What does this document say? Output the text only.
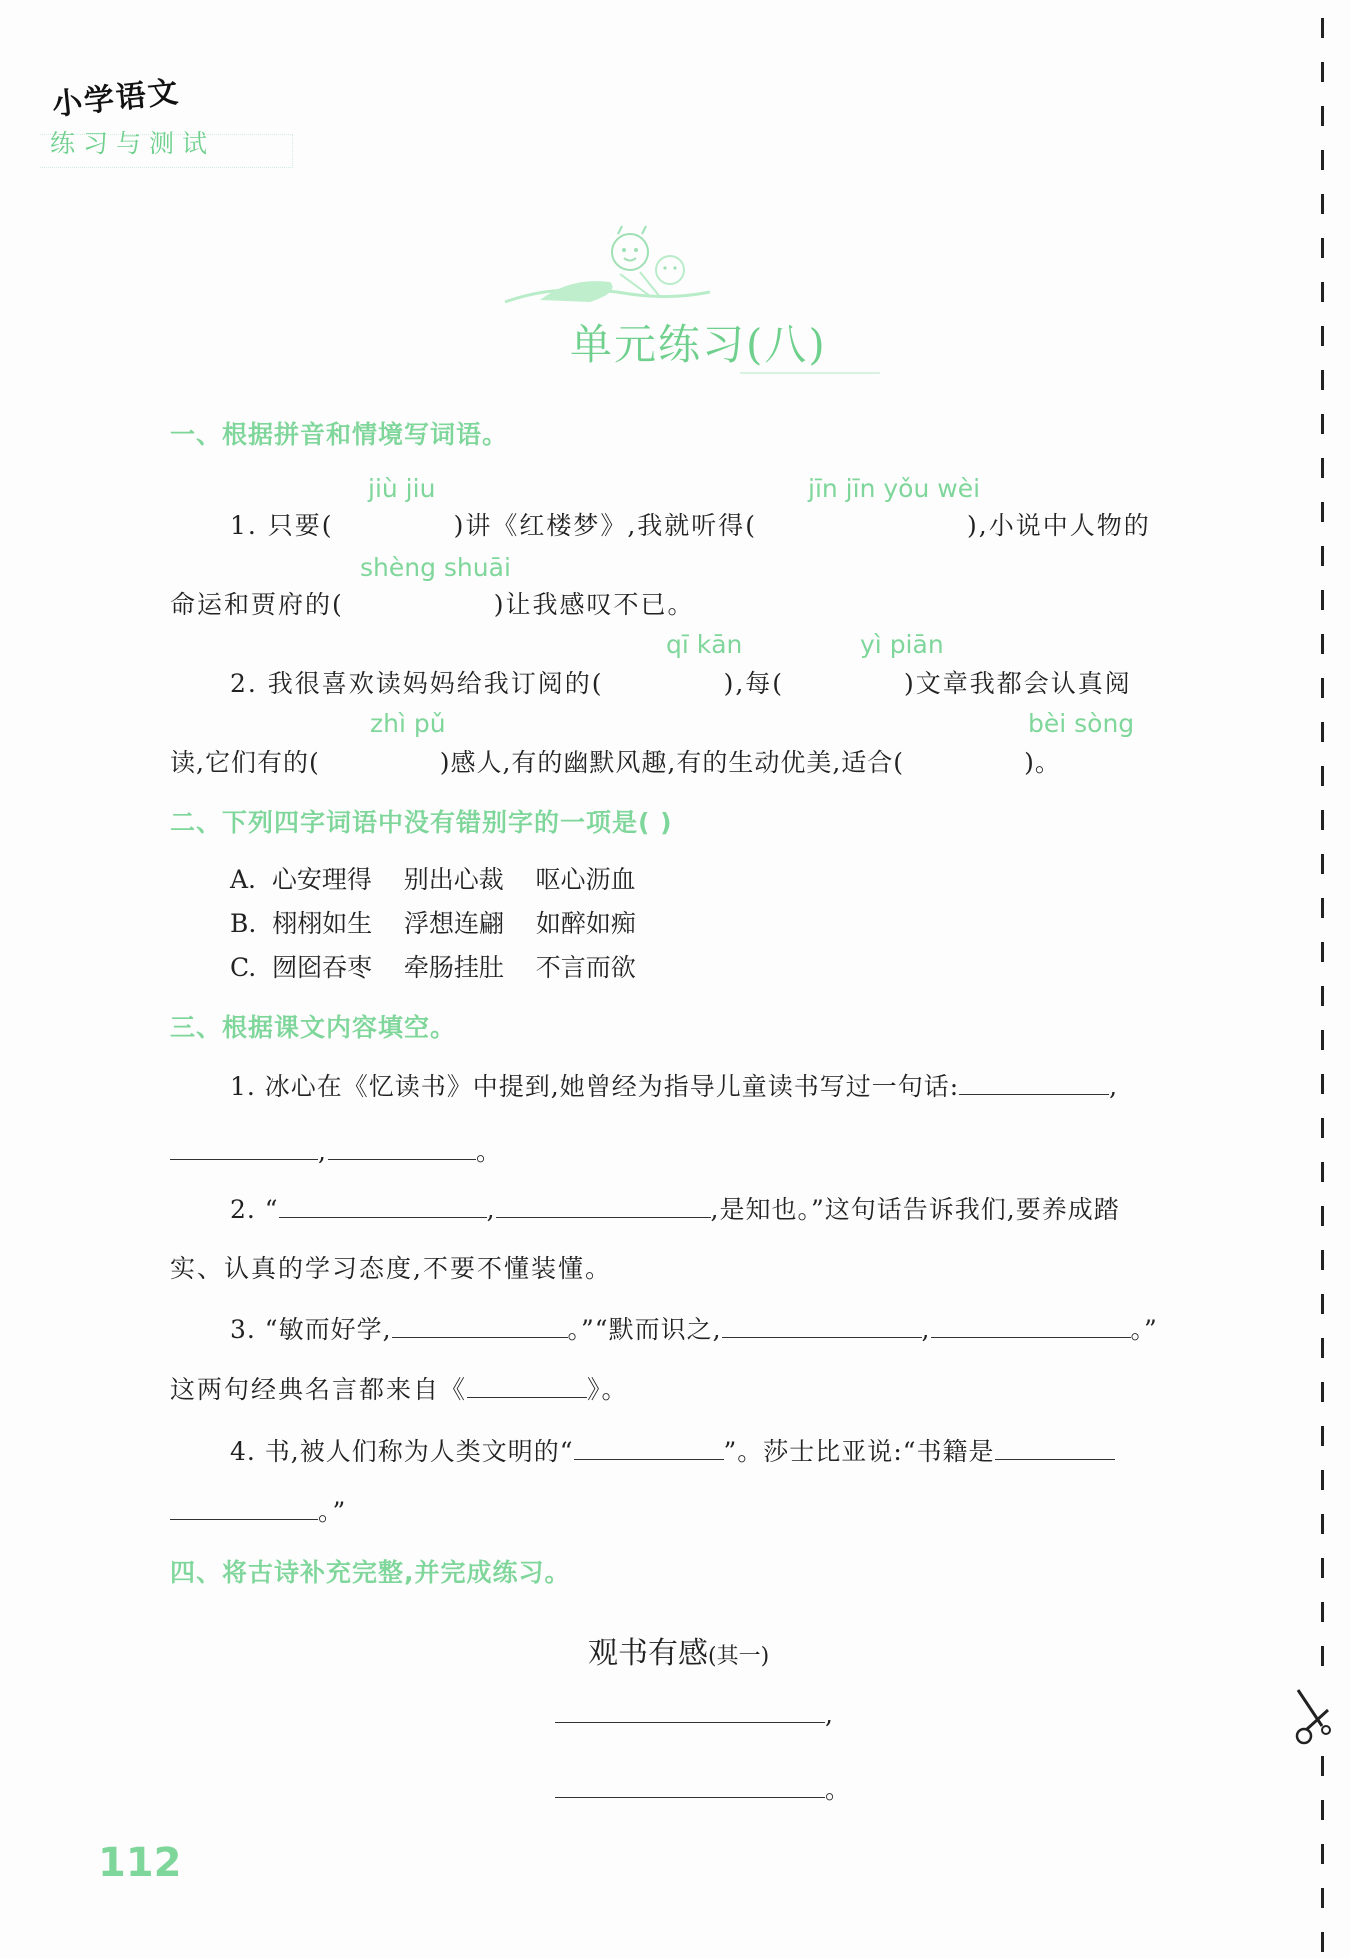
小学语文
练习与测试
单元练习(八)
一、根据拼音和情境写词语。
jiù jiu	jīn jīn yǒu wèi
1. 只要(	)讲《红楼梦》,我就听得(	),小说中人物的
shèng shuāi
命运和贾府的(	)让我感叹不已。
qī kān	yì piān
2. 我很喜欢读妈妈给我订阅的(	),每(	)文章我都会认真阅
zhì pǔ	bèi sòng
读,它们有的(	)感人,有的幽默风趣,有的生动优美,适合(	)。
二、下列四字词语中没有错别字的一项是( )
A. 心安理得 别出心裁 呕心沥血
B. 栩栩如生 浮想连翩 如醉如痴
C. 囫囵吞枣 牵肠挂肚 不言而欲
三、根据课文内容填空。
1. 冰心在《忆读书》中提到,她曾经为指导儿童读书写过一句话:	,
,	。
2. “	,	,是知也。”这句话告诉我们,要养成踏
实、认真的学习态度,不要不懂装懂。
3. “敏而好学,	。”“默而识之,	,	。”
这两句经典名言都来自《	》。
4. 书,被人们称为人类文明的“	”。莎士比亚说:“书籍是
。”
四、将古诗补充完整,并完成练习。
观书有感(其一)
,
。
112
